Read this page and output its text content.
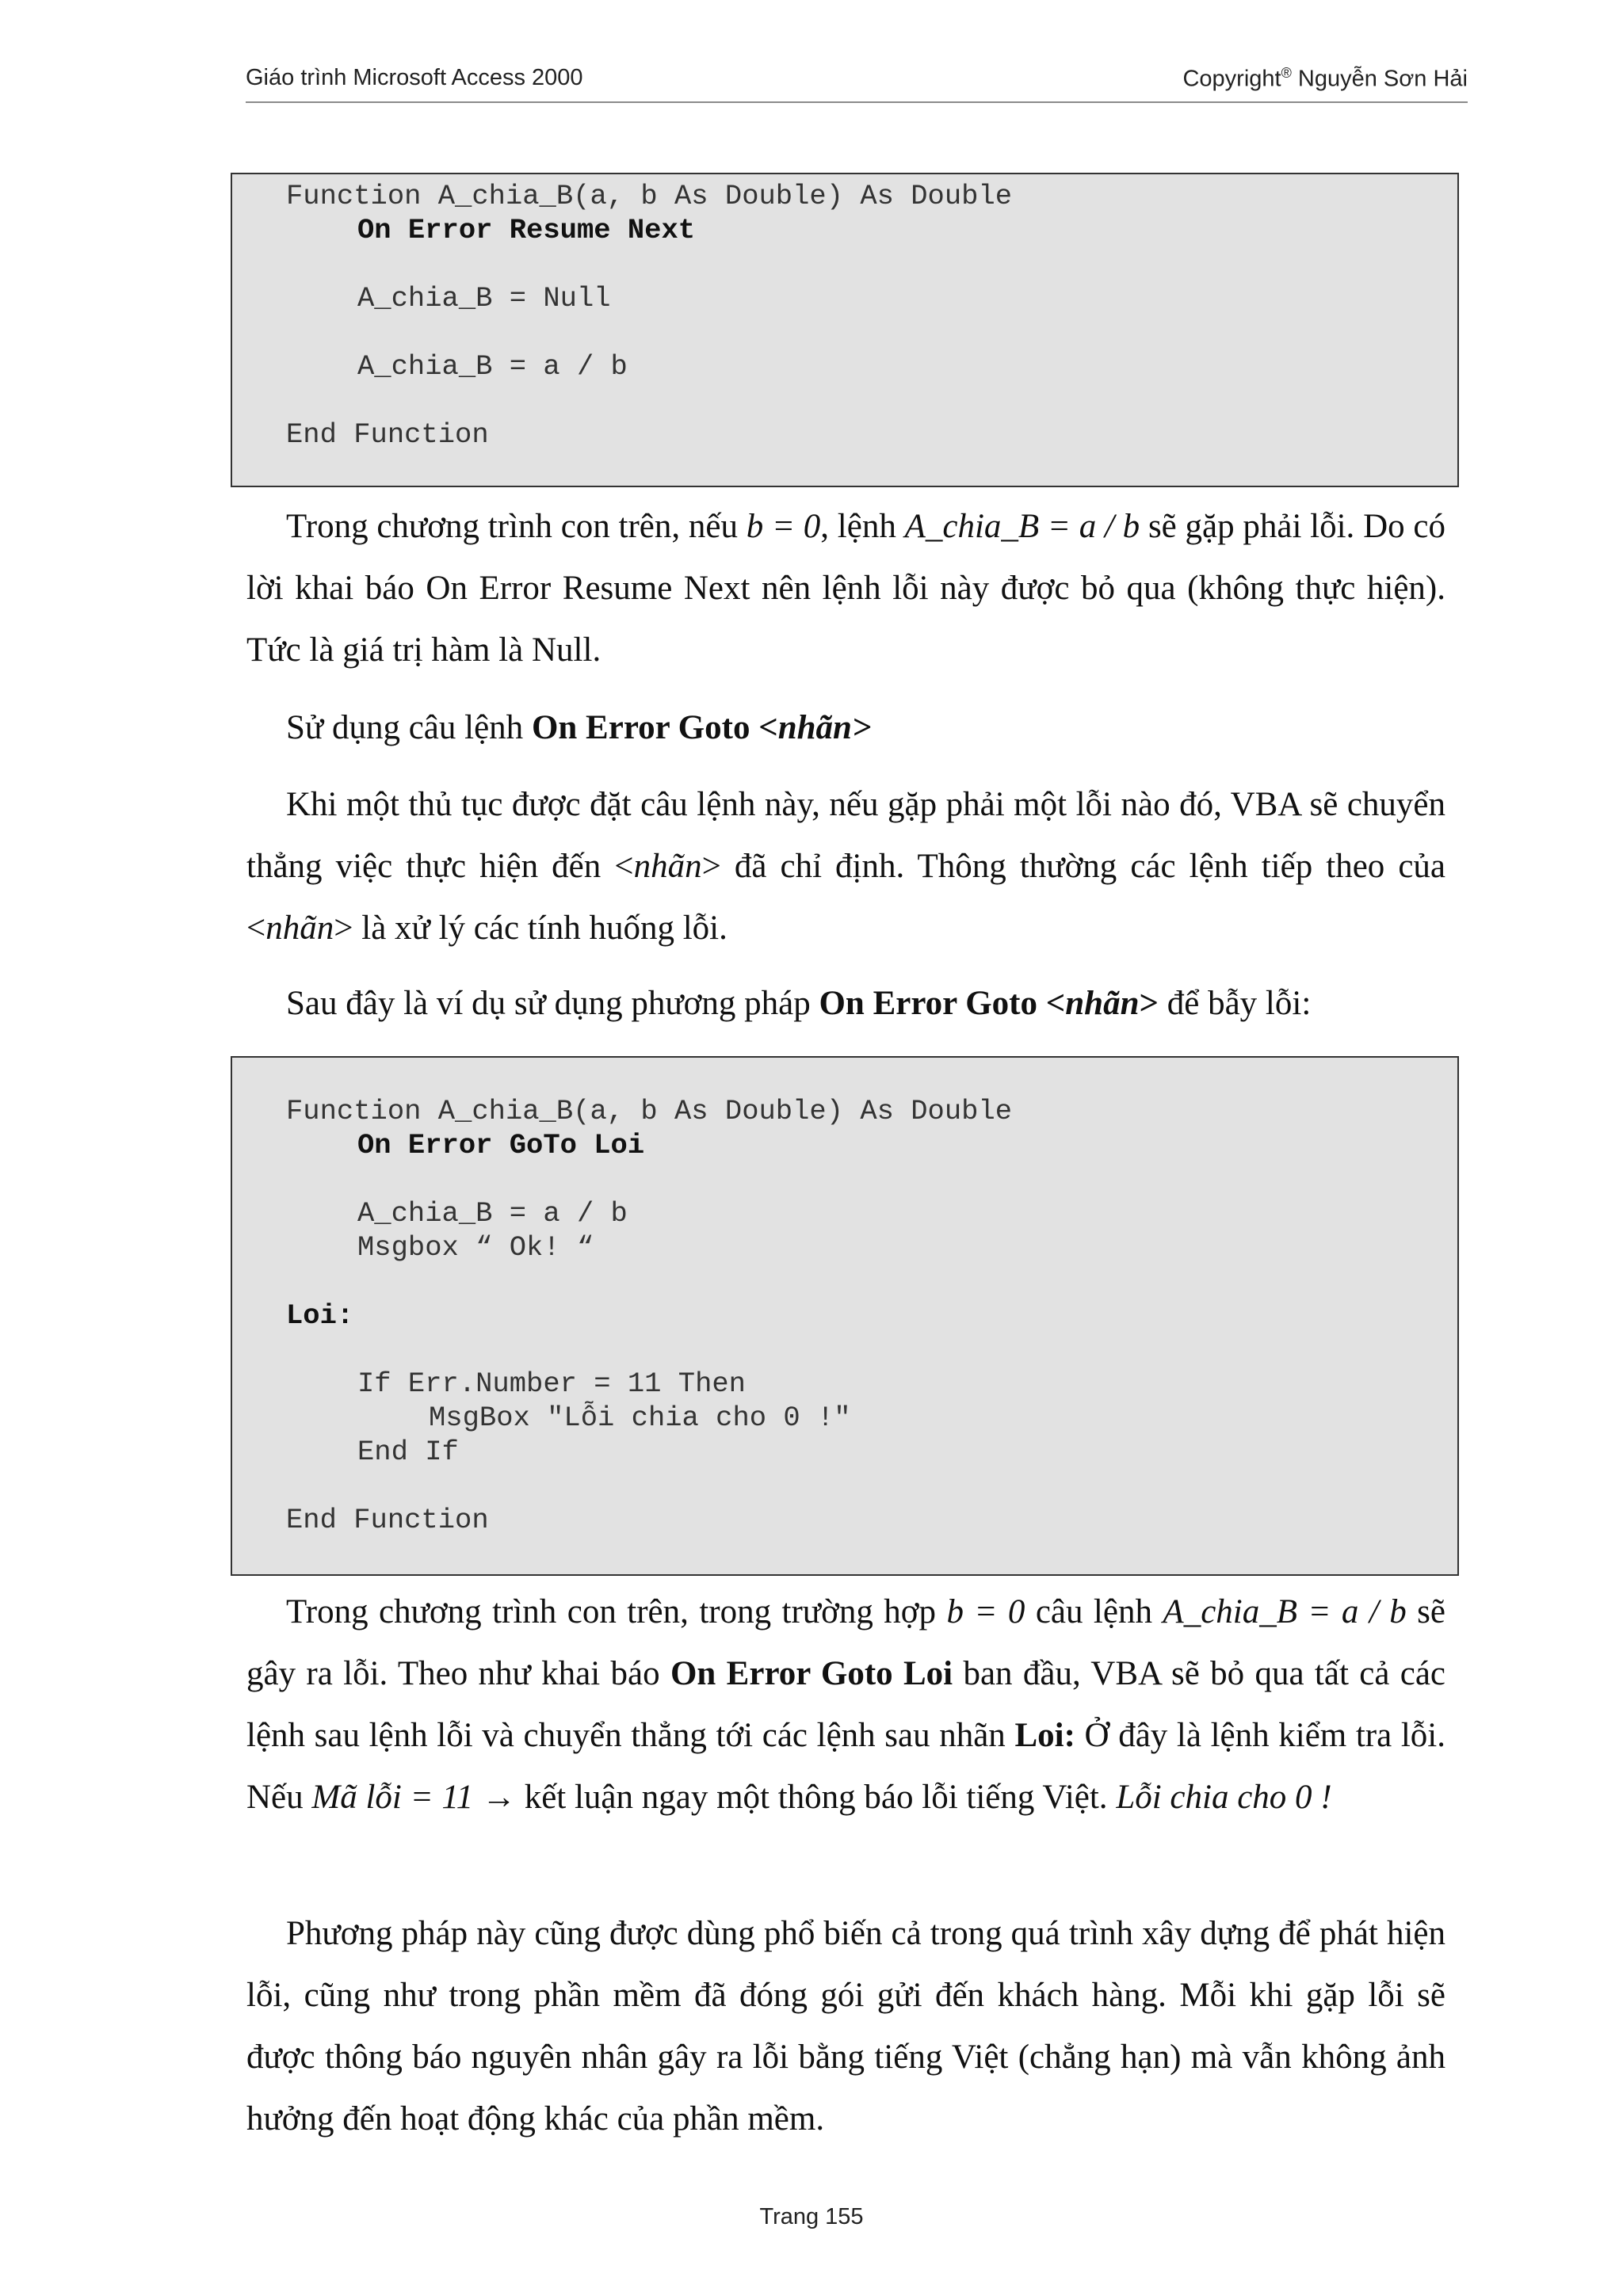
Giáo trình Microsoft Access 2000	Copyright® Nguyễn Sơn Hải
Function A_chia_B(a, b As Double) As Double
On Error Resume Next
A_chia_B = Null
A_chia_B = a / b
End Function
Trong chương trình con trên, nếu b = 0, lệnh A_chia_B = a / b sẽ gặp phải lỗi. Do có lời khai báo On Error Resume Next nên lệnh lỗi này được bỏ qua (không thực hiện). Tức là giá trị hàm là Null.
Sử dụng câu lệnh On Error Goto <nhãn>
Khi một thủ tục được đặt câu lệnh này, nếu gặp phải một lỗi nào đó, VBA sẽ chuyển thẳng việc thực hiện đến <nhãn> đã chỉ định. Thông thường các lệnh tiếp theo của <nhãn> là xử lý các tính huống lỗi.
Sau đây là ví dụ sử dụng phương pháp On Error Goto <nhãn> để bẫy lỗi:
Function A_chia_B(a, b As Double) As Double
On Error GoTo Loi
A_chia_B = a / b
Msgbox “ Ok! “
Loi:
If Err.Number = 11 Then
MsgBox "Lỗi chia cho 0 !"
End If
End Function
Trong chương trình con trên, trong trường hợp b = 0 câu lệnh A_chia_B = a / b sẽ gây ra lỗi. Theo như khai báo On Error Goto Loi ban đầu, VBA sẽ bỏ qua tất cả các lệnh sau lệnh lỗi và chuyển thẳng tới các lệnh sau nhãn Loi: Ở đây là lệnh kiểm tra lỗi. Nếu Mã lỗi = 11 → kết luận ngay một thông báo lỗi tiếng Việt. Lỗi chia cho 0 !
Phương pháp này cũng được dùng phổ biến cả trong quá trình xây dựng để phát hiện lỗi, cũng như trong phần mềm đã đóng gói gửi đến khách hàng. Mỗi khi gặp lỗi sẽ được thông báo nguyên nhân gây ra lỗi bằng tiếng Việt (chẳng hạn) mà vẫn không ảnh hưởng đến hoạt động khác của phần mềm.
Trang 155
